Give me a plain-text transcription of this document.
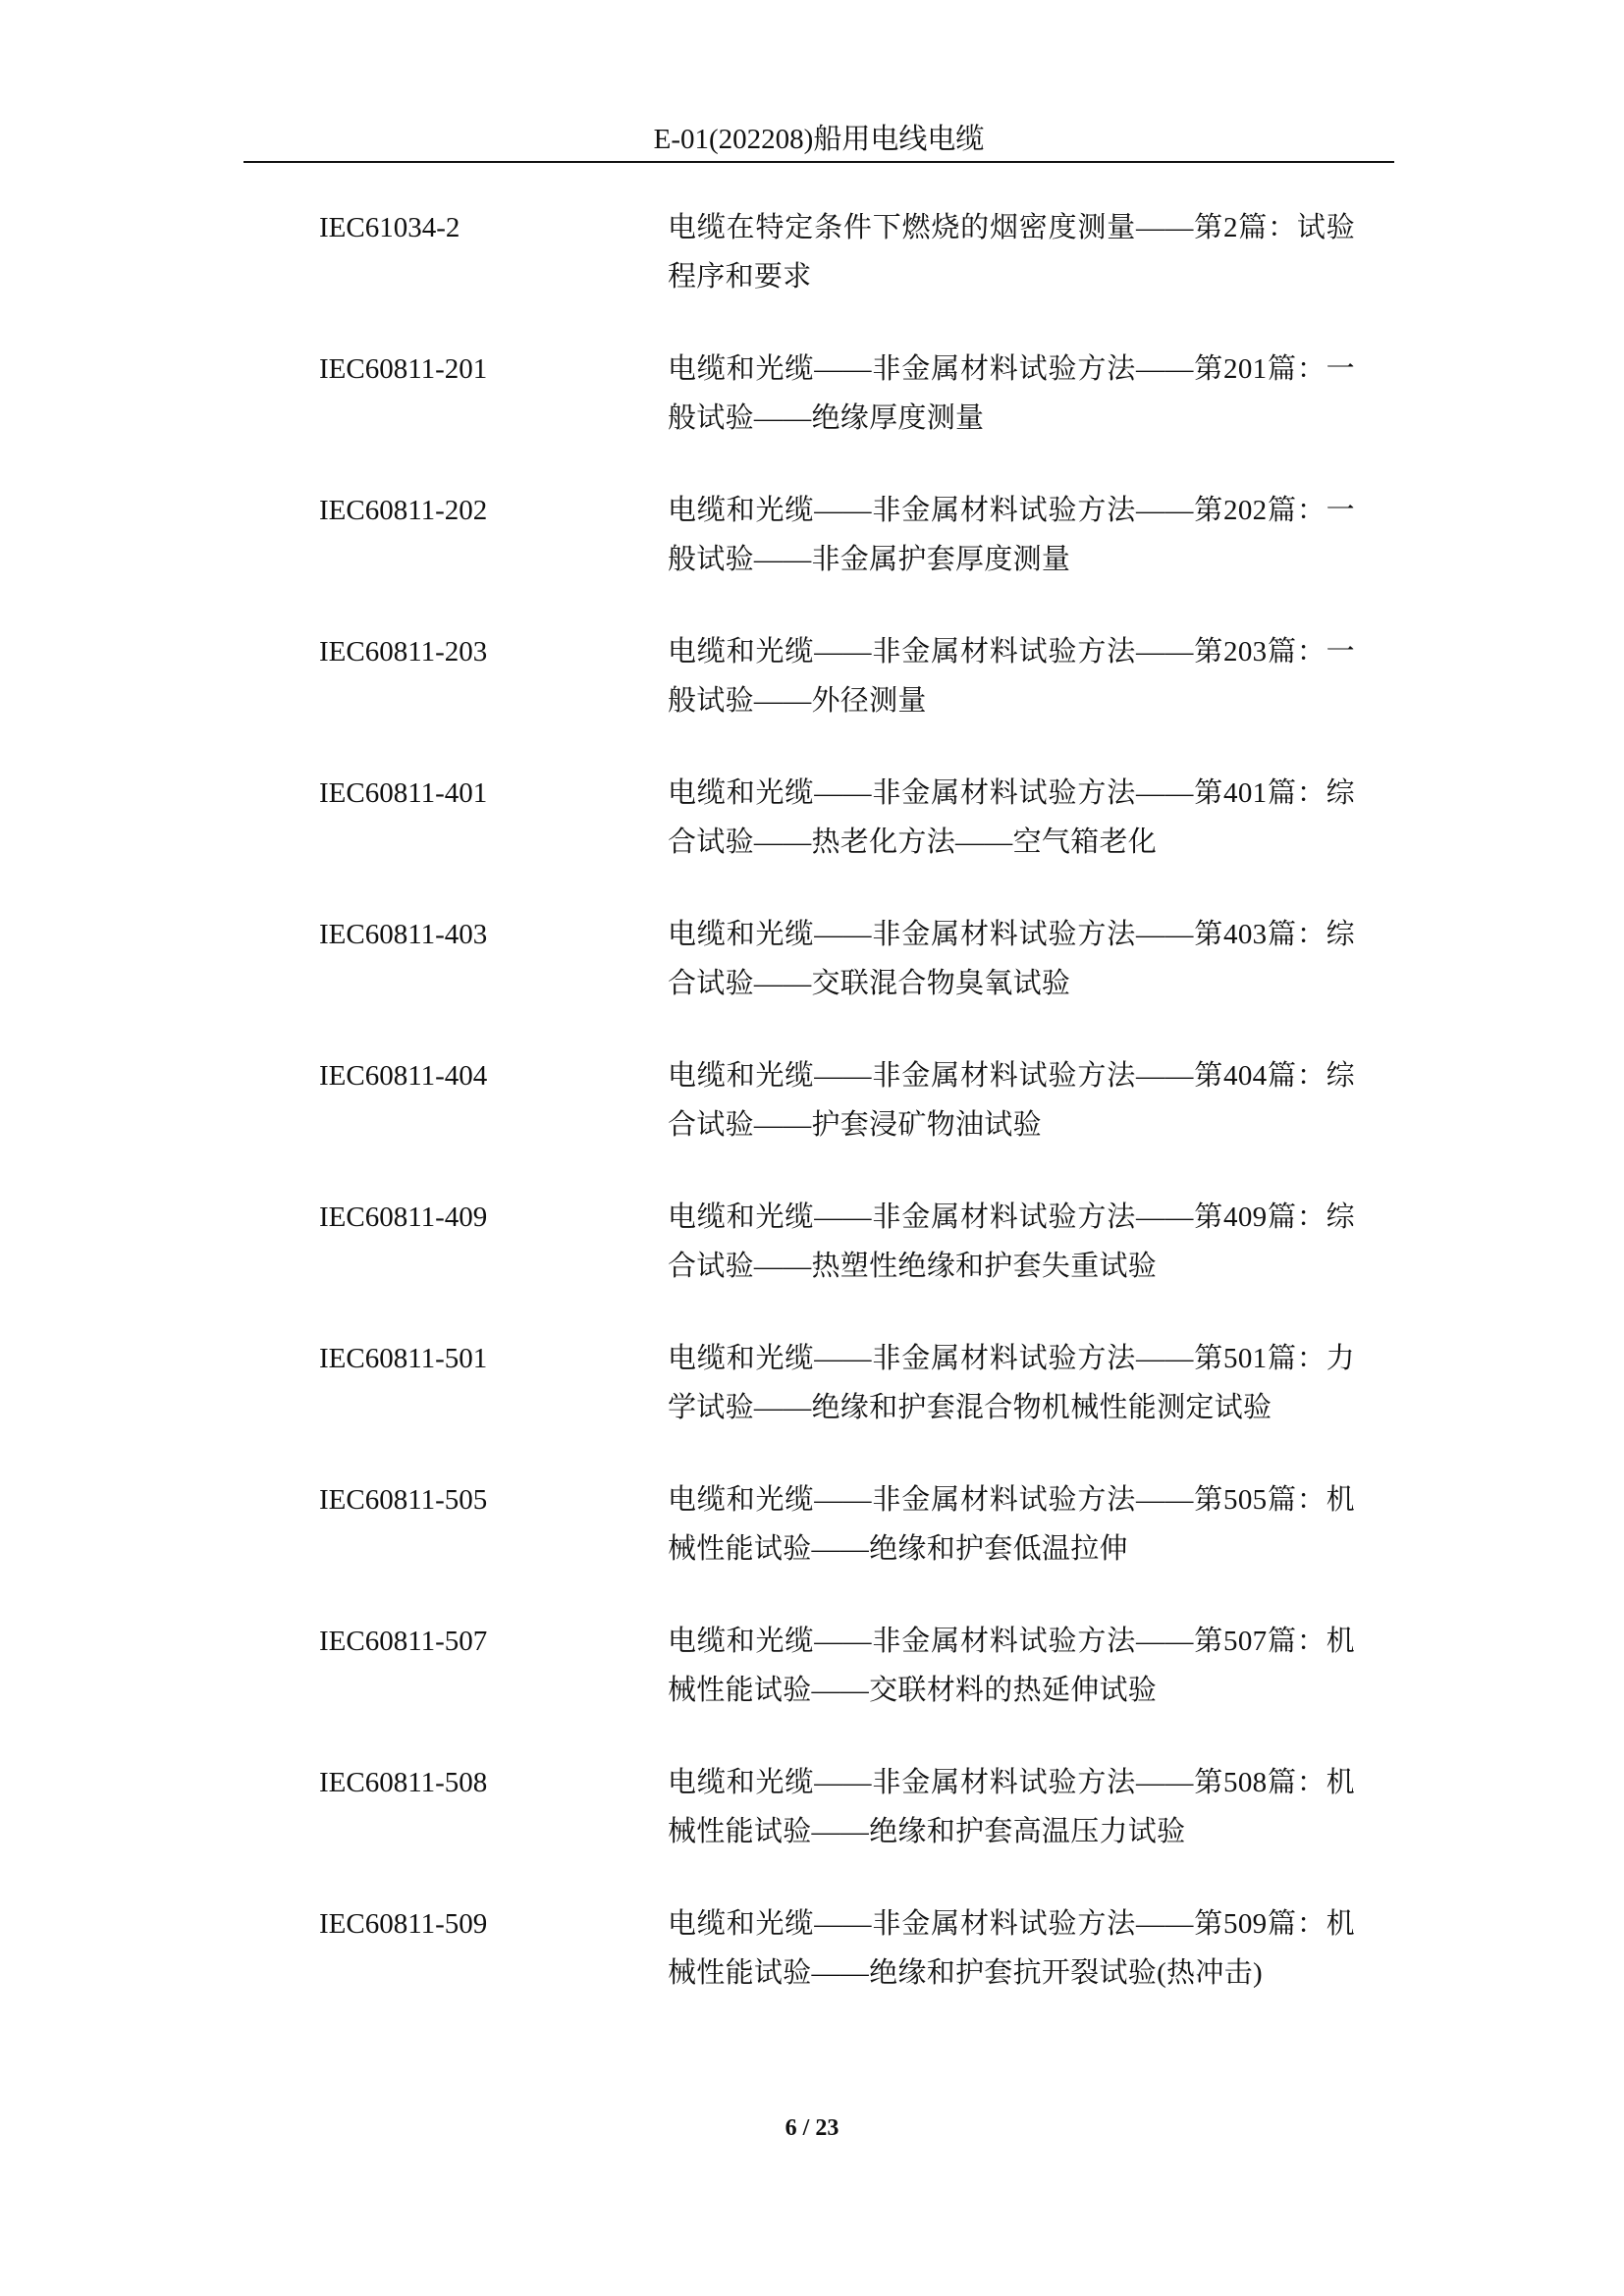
E-01(202208)船用电线电缆
IEC61034-2	电缆在特定条件下燃烧的烟密度测量——第2篇：试验程序和要求
IEC60811-201	电缆和光缆——非金属材料试验方法——第201篇：一般试验——绝缘厚度测量
IEC60811-202	电缆和光缆——非金属材料试验方法——第202篇：一般试验——非金属护套厚度测量
IEC60811-203	电缆和光缆——非金属材料试验方法——第203篇：一般试验——外径测量
IEC60811-401	电缆和光缆——非金属材料试验方法——第401篇：综合试验——热老化方法——空气箱老化
IEC60811-403	电缆和光缆——非金属材料试验方法——第403篇：综合试验——交联混合物臭氧试验
IEC60811-404	电缆和光缆——非金属材料试验方法——第404篇：综合试验——护套浸矿物油试验
IEC60811-409	电缆和光缆——非金属材料试验方法——第409篇：综合试验——热塑性绝缘和护套失重试验
IEC60811-501	电缆和光缆——非金属材料试验方法——第501篇：力学试验——绝缘和护套混合物机械性能测定试验
IEC60811-505	电缆和光缆——非金属材料试验方法——第505篇：机械性能试验——绝缘和护套低温拉伸
IEC60811-507	电缆和光缆——非金属材料试验方法——第507篇：机械性能试验——交联材料的热延伸试验
IEC60811-508	电缆和光缆——非金属材料试验方法——第508篇：机械性能试验——绝缘和护套高温压力试验
IEC60811-509	电缆和光缆——非金属材料试验方法——第509篇：机械性能试验——绝缘和护套抗开裂试验(热冲击)
6 / 23
